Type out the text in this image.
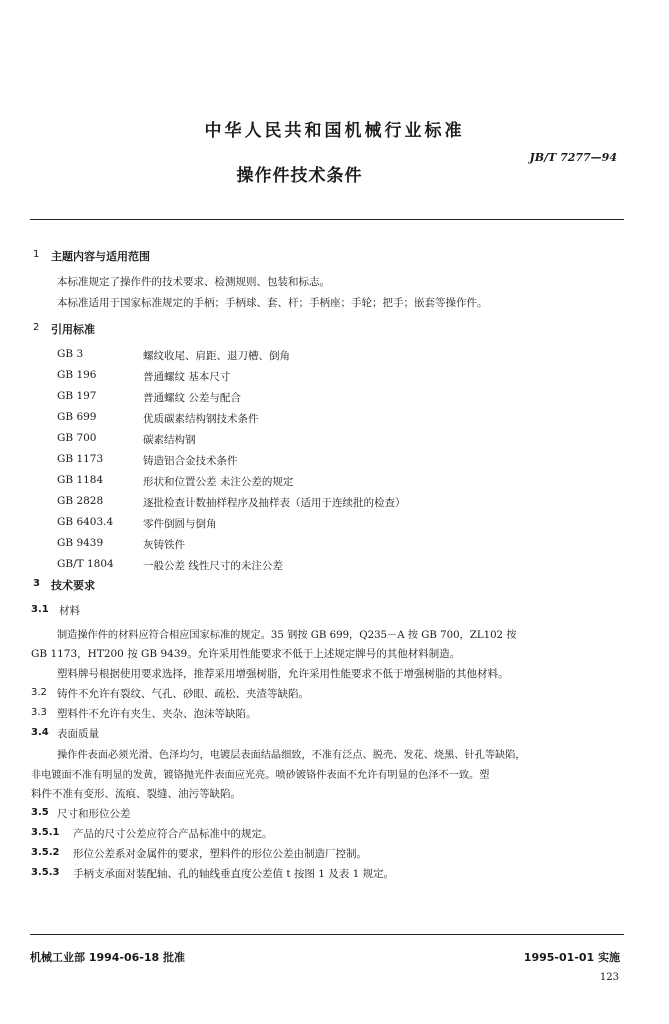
中华人民共和国机械行业标准
JB/T 7277—94
操作件技术条件
1 主题内容与适用范围
本标准规定了操作件的技术要求、检测规则、包装和标志。
本标准适用于国家标准规定的手柄；手柄球、套、杆；手柄座；手轮；把手；嵌套等操作件。
2 引用标准
GB 3	螺纹收尾、肩距、退刀槽、倒角
GB 196	普通螺纹 基本尺寸
GB 197	普通螺纹 公差与配合
GB 699	优质碳素结构钢技术条件
GB 700	碳素结构钢
GB 1173	铸造铝合金技术条件
GB 1184	形状和位置公差 未注公差的规定
GB 2828	逐批检查计数抽样程序及抽样表（适用于连续批的检查）
GB 6403.4	零件倒圆与倒角
GB 9439	灰铸铁件
GB/T 1804	一般公差 线性尺寸的未注公差
3 技术要求
3.1 材料
制造操作件的材料应符合相应国家标准的规定。35 钢按 GB 699，Q235－A 按 GB 700，ZL102 按
GB 1173，HT200 按 GB 9439。允许采用性能要求不低于上述规定牌号的其他材料制造。
塑料牌号根据使用要求选择，推荐采用增强树脂，允许采用性能要求不低于增强树脂的其他材料。
3.2 铸件不允许有裂纹、气孔、砂眼、疏松、夹渣等缺陷。
3.3 塑料件不允许有夹生、夹杂、泡沫等缺陷。
3.4 表面质量
操作件表面必须光滑、色泽均匀，电镀层表面结晶细致，不准有泛点、脱壳、发花、烧黑、针孔等缺陷，
非电镀面不准有明显的发黄，镀铬抛光件表面应光亮。喷砂镀铬件表面不允许有明显的色泽不一致。塑
料件不准有变形、流痕、裂缝、油污等缺陷。
3.5 尺寸和形位公差
3.5.1 产品的尺寸公差应符合产品标准中的规定。
3.5.2 形位公差系对金属件的要求，塑料件的形位公差由制造厂控制。
3.5.3 手柄支承面对装配轴、孔的轴线垂直度公差值 t 按图 1 及表 1 规定。
机械工业部 1994-06-18 批准	1995-01-01 实施
123
